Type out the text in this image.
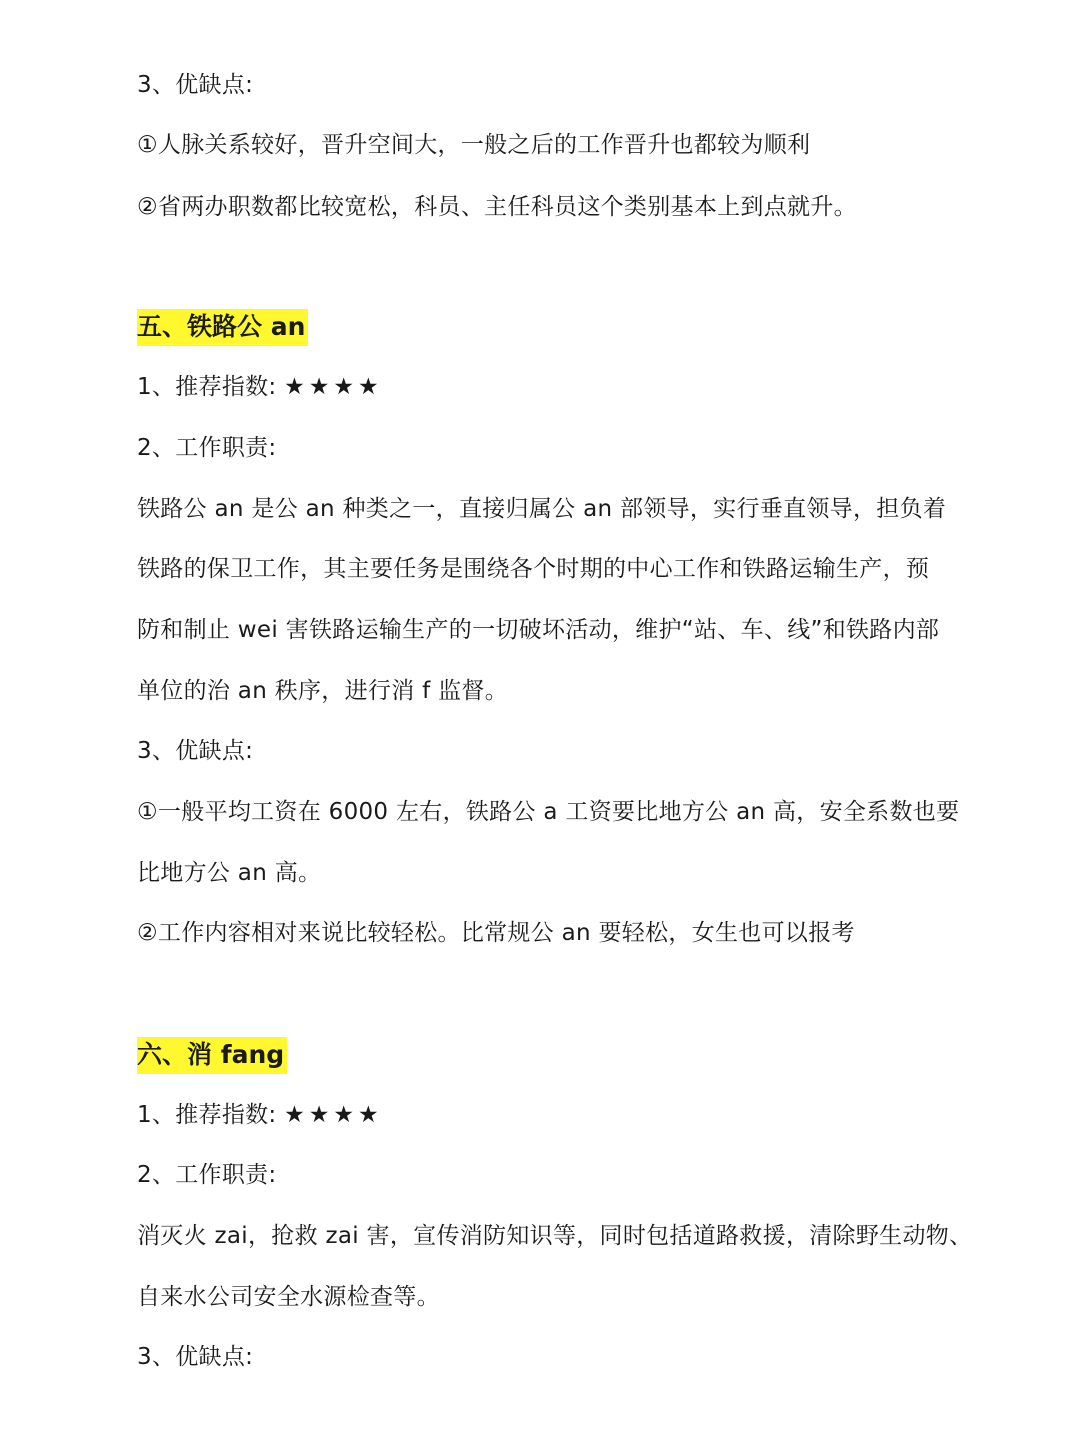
3、优缺点:
①人脉关系较好，晋升空间大，一般之后的工作晋升也都较为顺利
②省两办职数都比较宽松，科员、主任科员这个类别基本上到点就升。
五、铁路公 an
1、推荐指数: ★★★★
2、工作职责:
铁路公 an 是公 an 种类之一，直接归属公 an 部领导，实行垂直领导，担负着
铁路的保卫工作，其主要任务是围绕各个时期的中心工作和铁路运输生产，预
防和制止 wei 害铁路运输生产的一切破坏活动，维护“站、车、线”和铁路内部
单位的治 an 秩序，进行消 f 监督。
3、优缺点:
①一般平均工资在 6000 左右，铁路公 a 工资要比地方公 an 高，安全系数也要
比地方公 an 高。
②工作内容相对来说比较轻松。比常规公 an 要轻松，女生也可以报考
六、消 fang
1、推荐指数: ★★★★
2、工作职责:
消灭火 zai，抢救 zai 害，宣传消防知识等，同时包括道路救援，清除野生动物、
自来水公司安全水源检查等。
3、优缺点:
